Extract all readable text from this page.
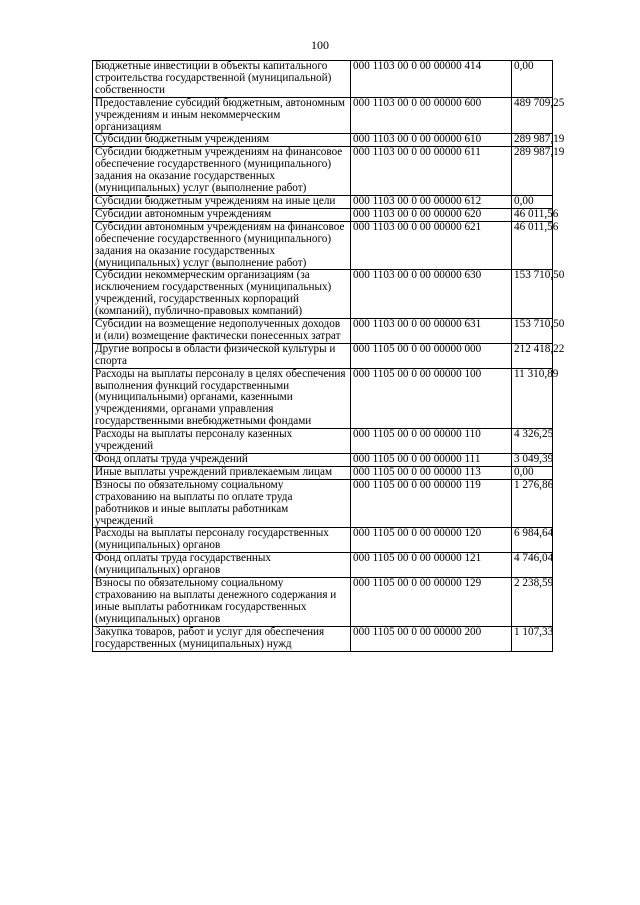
100
Бюджетные инвестиции в объекты капитального строительства государственной (муниципальной) собственности	000 1103 00 0 00 00000 414	0,00
Предоставление субсидий бюджетным, автономным учреждениям и иным некоммерческим организациям	000 1103 00 0 00 00000 600	489 709,25
Субсидии бюджетным учреждениям	000 1103 00 0 00 00000 610	289 987,19
Субсидии бюджетным учреждениям на финансовое обеспечение государственного (муниципального) задания на оказание государственных (муниципальных) услуг (выполнение работ)	000 1103 00 0 00 00000 611	289 987,19
Субсидии бюджетным учреждениям на иные цели	000 1103 00 0 00 00000 612	0,00
Субсидии автономным учреждениям	000 1103 00 0 00 00000 620	46 011,56
Субсидии автономным учреждениям на финансовое обеспечение государственного (муниципального) задания на оказание государственных (муниципальных) услуг (выполнение работ)	000 1103 00 0 00 00000 621	46 011,56
Субсидии некоммерческим организациям (за исключением государственных (муниципальных) учреждений, государственных корпораций (компаний), публично-правовых компаний)	000 1103 00 0 00 00000 630	153 710,50
Субсидии на возмещение недополученных доходов и (или) возмещение фактически понесенных затрат	000 1103 00 0 00 00000 631	153 710,50
Другие вопросы в области физической культуры и спорта	000 1105 00 0 00 00000 000	212 418,22
Расходы на выплаты персоналу в целях обеспечения выполнения функций государственными (муниципальными) органами, казенными учреждениями, органами управления государственными внебюджетными фондами	000 1105 00 0 00 00000 100	11 310,89
Расходы на выплаты персоналу казенных учреждений	000 1105 00 0 00 00000 110	4 326,25
Фонд оплаты труда учреждений	000 1105 00 0 00 00000 111	3 049,39
Иные выплаты учреждений привлекаемым лицам	000 1105 00 0 00 00000 113	0,00
Взносы по обязательному социальному страхованию на выплаты по оплате труда работников и иные выплаты работникам учреждений	000 1105 00 0 00 00000 119	1 276,86
Расходы на выплаты персоналу государственных (муниципальных) органов	000 1105 00 0 00 00000 120	6 984,64
Фонд оплаты труда государственных (муниципальных) органов	000 1105 00 0 00 00000 121	4 746,04
Взносы по обязательному социальному страхованию на выплаты денежного содержания и иные выплаты работникам государственных (муниципальных) органов	000 1105 00 0 00 00000 129	2 238,59
Закупка товаров, работ и услуг для обеспечения государственных (муниципальных) нужд	000 1105 00 0 00 00000 200	1 107,33
